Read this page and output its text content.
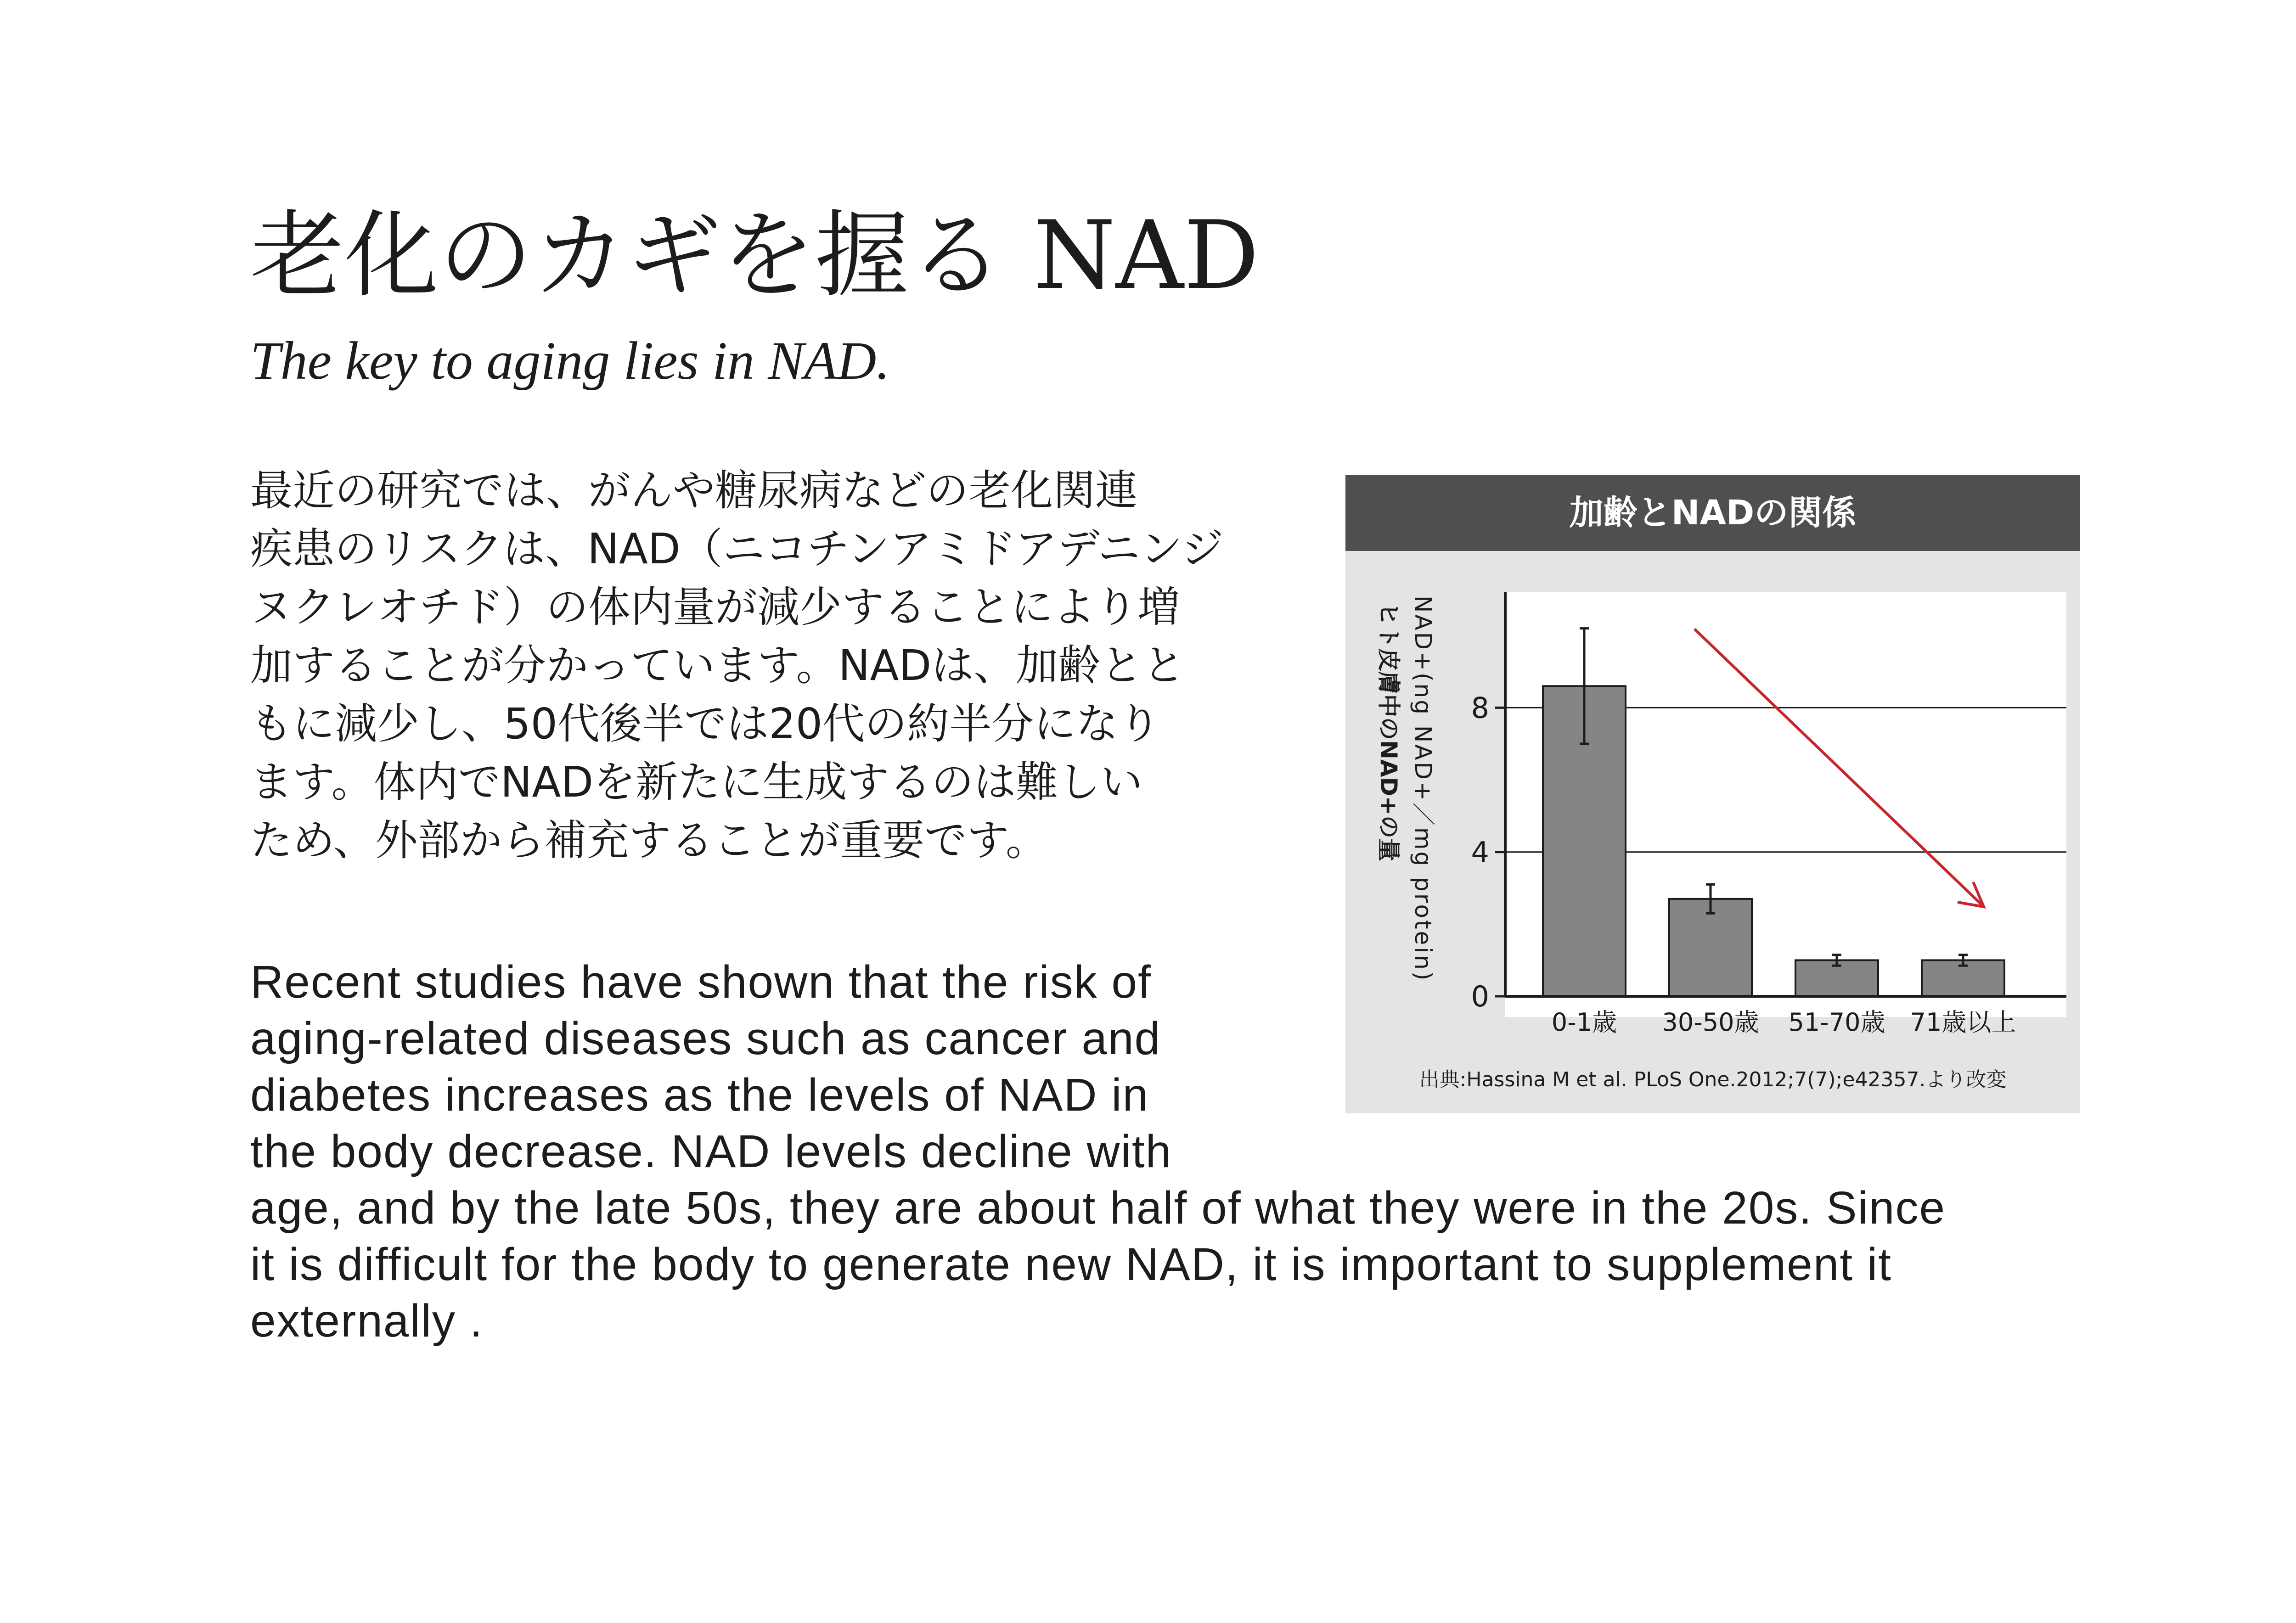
老化のカギを握る NAD
The key to aging lies in NAD.
最近の研究では、がんや糖尿病などの老化関連
疾患のリスクは、NAD（ニコチンアミドアデニンジ
ヌクレオチド）の体内量が減少することにより増
加することが分かっています。NADは、加齢とと
もに減少し、50代後半では20代の約半分になり
ます。体内でNADを新たに生成するのは難しい
ため、外部から補充することが重要です。
Recent studies have shown that the risk of
aging-related diseases such as cancer and
diabetes increases as the levels of NAD in
the body decrease. NAD levels decline with
age, and by the late 50s, they are about half of what they were in the 20s. Since
it is difficult for the body to generate new NAD, it is important to supplement it
externally .
加齢とNADの関係
0
4
8
0-1歳 30-50歳 51-70歳 71歳以上
ヒト皮膚中のNAD+の量 NAD+(ng NAD+／mg protein)
出典:Hassina M et al. PLoS One.2012;7(7);e42357.より改変
